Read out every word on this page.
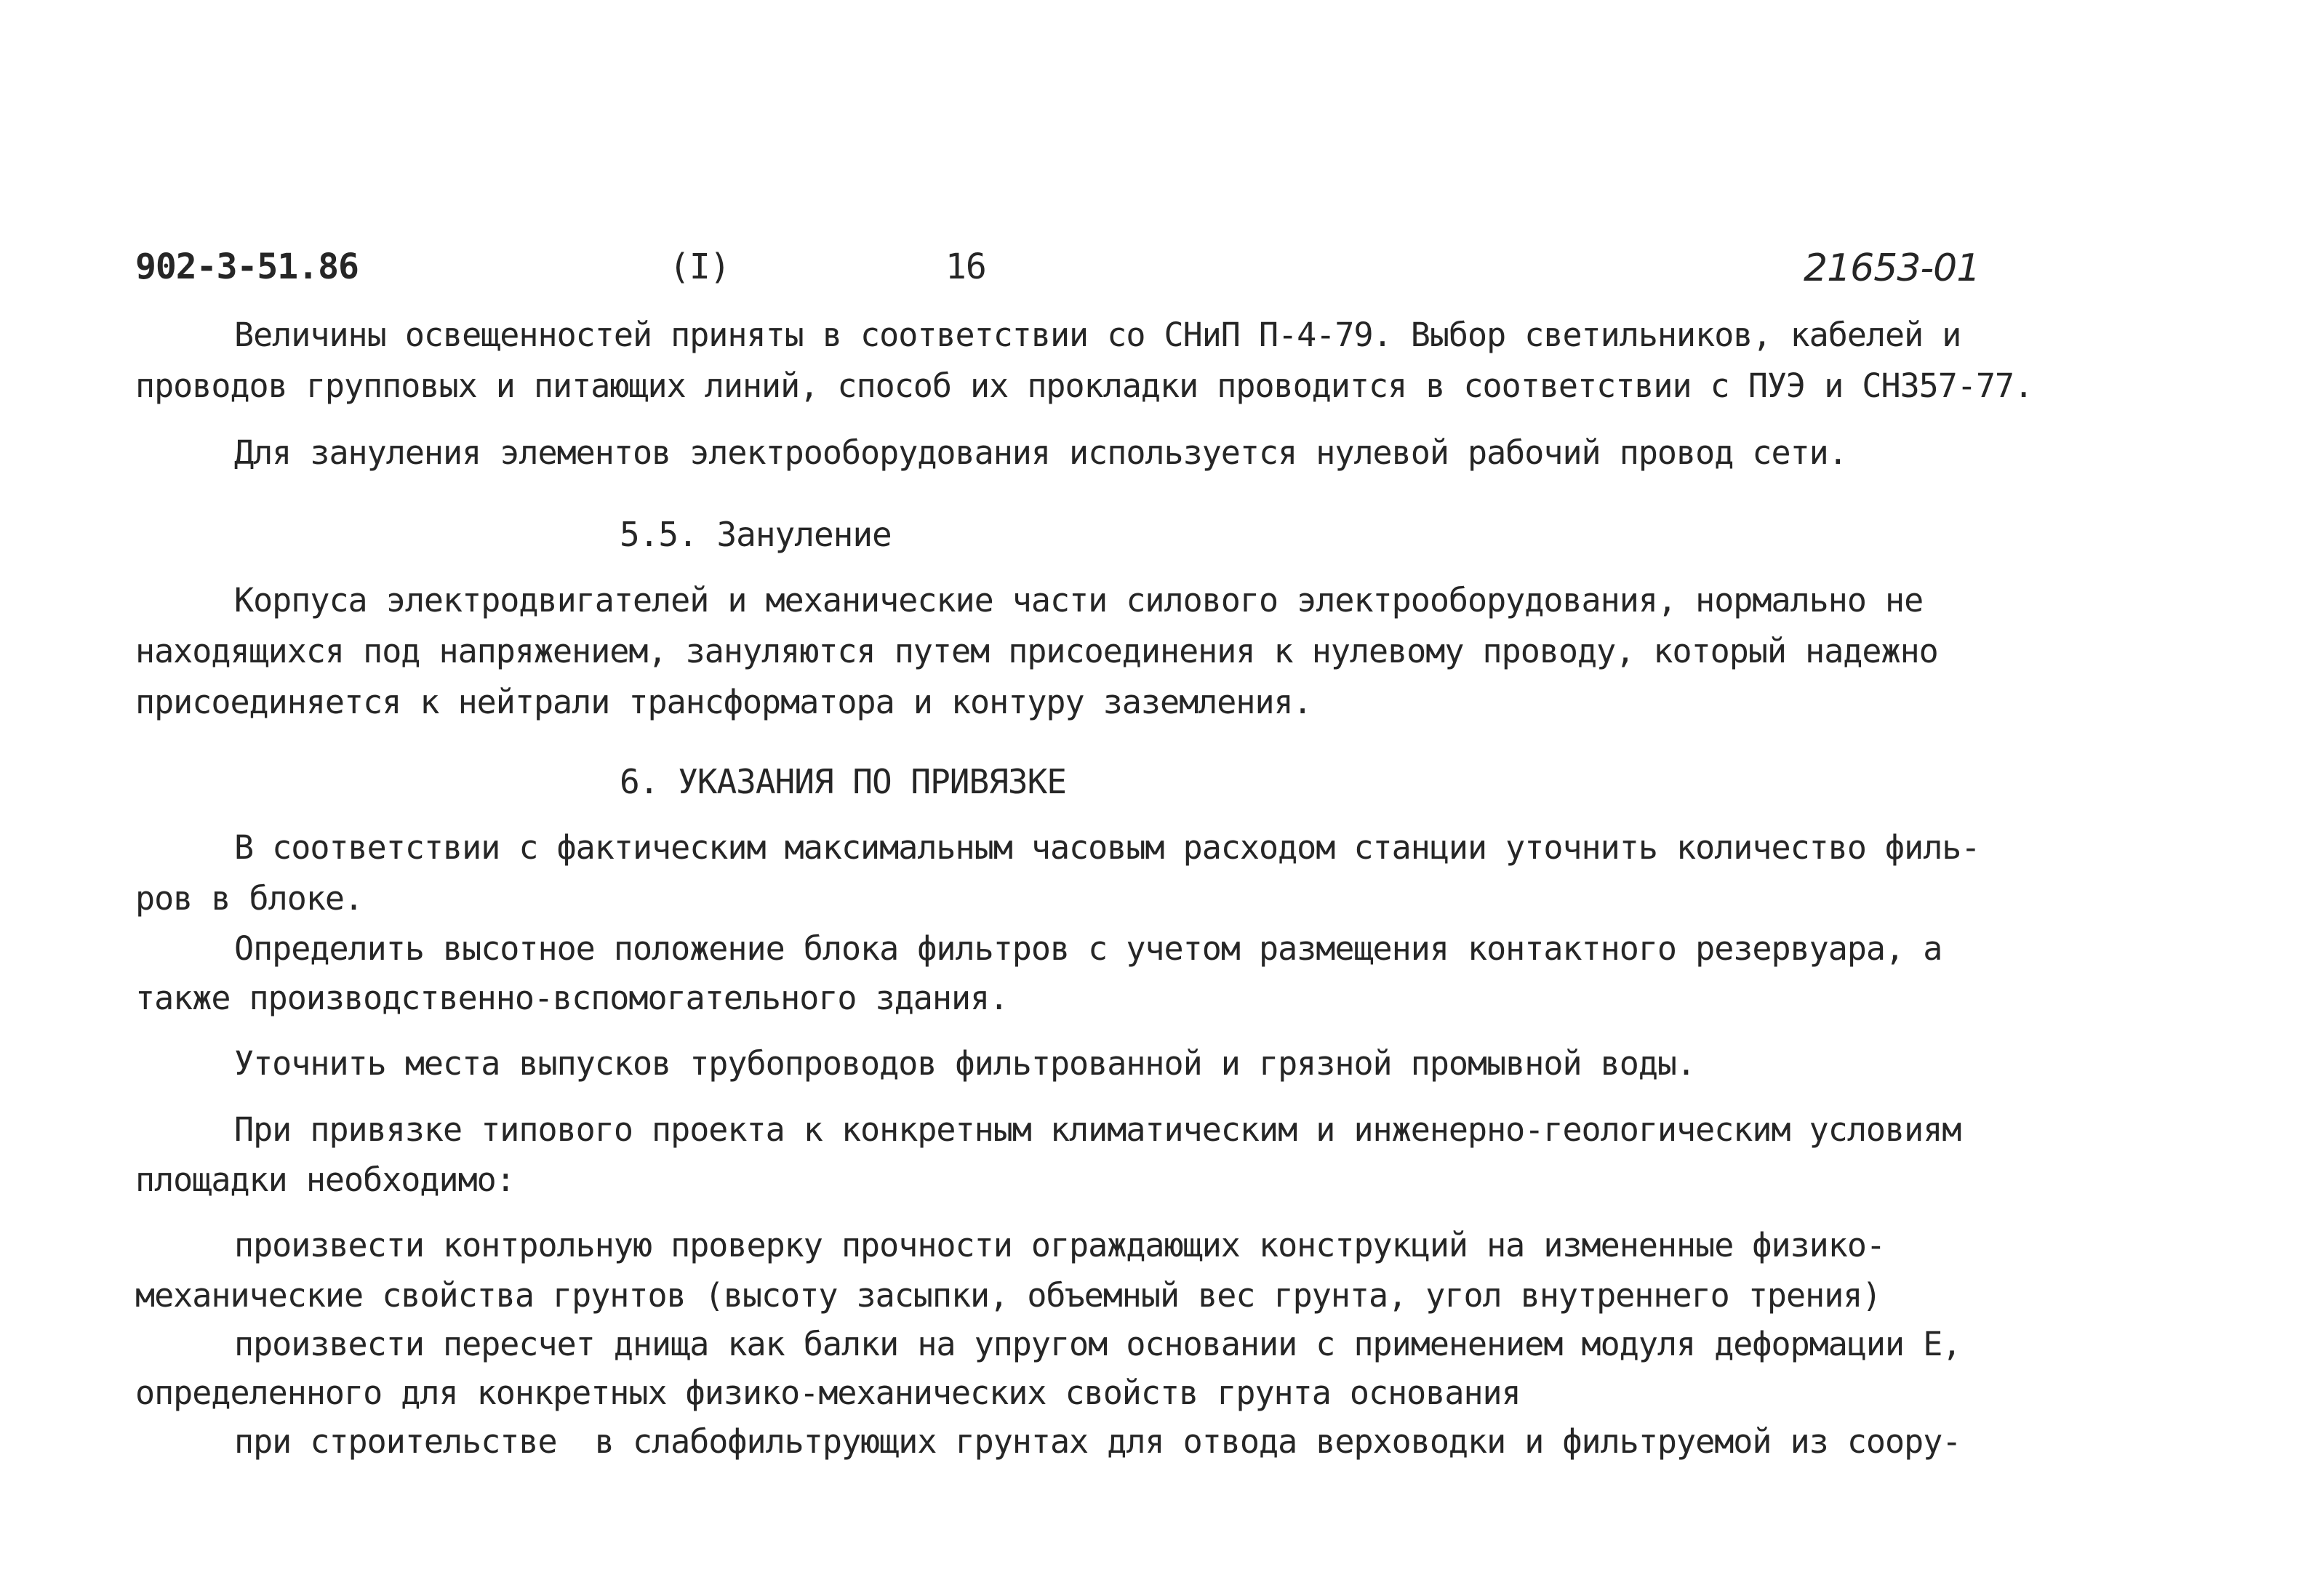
902-3-51.86	(I)	16	21653-01
Величины освещенностей приняты в соответствии со СНиП П-4-79. Выбор светильников, кабелей и
проводов групповых и питающих линий, способ их прокладки проводится в соответствии с ПУЭ и СН357-77.
Для зануления элементов электрооборудования используется нулевой рабочий провод сети.
5.5. Зануление
Корпуса электродвигателей и механические части силового электрооборудования, нормально не
находящихся под напряжением, зануляются путем присоединения к нулевому проводу, который надежно
присоединяется к нейтрали трансформатора и контуру заземления.
6. УКАЗАНИЯ ПО ПРИВЯЗКЕ
В соответствии с фактическим максимальным часовым расходом станции уточнить количество филь-
ров в блоке.
Определить высотное положение блока фильтров с учетом размещения контактного резервуара, а
также производственно-вспомогательного здания.
Уточнить места выпусков трубопроводов фильтрованной и грязной промывной воды.
При привязке типового проекта к конкретным климатическим и инженерно-геологическим условиям
площадки необходимо:
произвести контрольную проверку прочности ограждающих конструкций на измененные физико-
механические свойства грунтов (высоту засыпки, объемный вес грунта, угол внутреннего трения)
произвести пересчет днища как балки на упругом основании с применением модуля деформации Е,
определенного для конкретных физико-механических свойств грунта основания
при строительстве  в слабофильтрующих грунтах для отвода верховодки и фильтруемой из соору-
